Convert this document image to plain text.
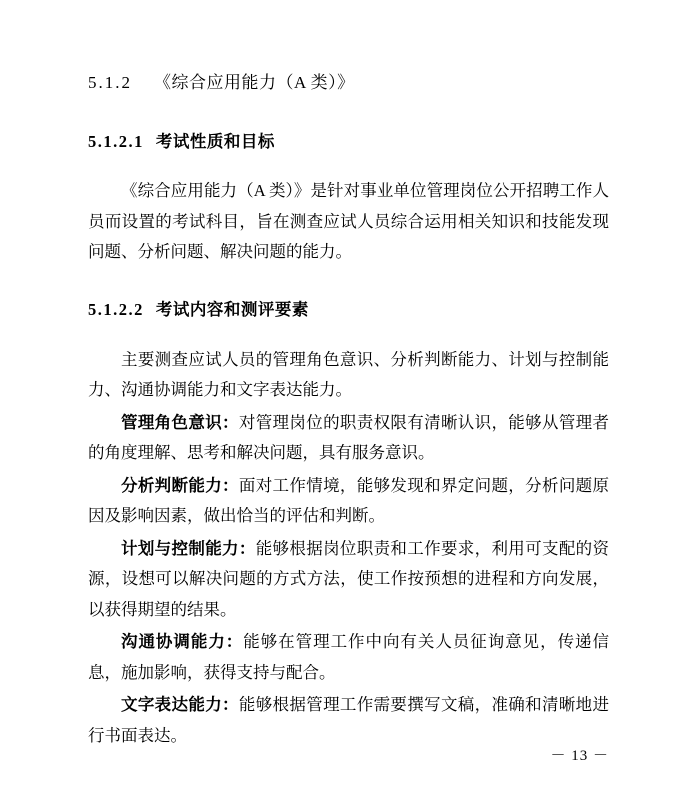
5.1.2 《综合应用能力（A 类）》
5.1.2.1 考试性质和目标

《综合应用能力（A 类）》是针对事业单位管理岗位公开招聘工作人员而设置的考试科目，旨在测查应试人员综合运用相关知识和技能发现问题、分析问题、解决问题的能力。

5.1.2.2 考试内容和测评要素

主要测查应试人员的管理角色意识、分析判断能力、计划与控制能力、沟通协调能力和文字表达能力。

管理角色意识：对管理岗位的职责权限有清晰认识，能够从管理者的角度理解、思考和解决问题，具有服务意识。

分析判断能力：面对工作情境，能够发现和界定问题，分析问题原因及影响因素，做出恰当的评估和判断。

计划与控制能力：能够根据岗位职责和工作要求，利用可支配的资源，设想可以解决问题的方式方法，使工作按预想的进程和方向发展，以获得期望的结果。

沟通协调能力：能够在管理工作中向有关人员征询意见，传递信息，施加影响，获得支持与配合。

文字表达能力：能够根据管理工作需要撰写文稿，准确和清晰地进行书面表达。

－ 13 －
